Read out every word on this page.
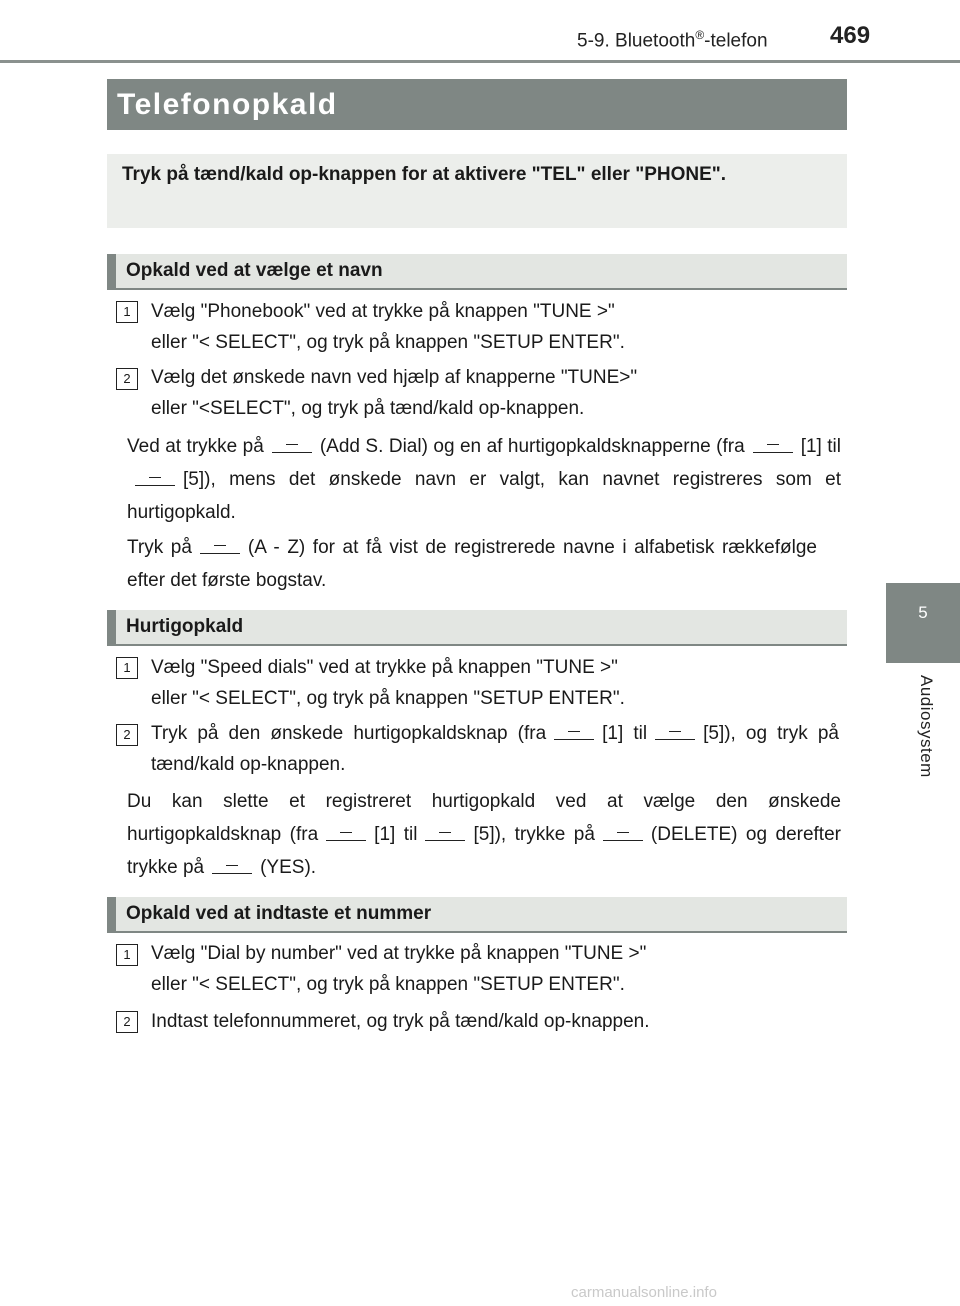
5-9. Bluetooth®-telefon	469
5
Audiosystem
Telefonopkald
Tryk på tænd/kald op-knappen for at aktivere "TEL" eller "PHONE".
Opkald ved at vælge et navn
1	Vælg "Phonebook" ved at trykke på knappen "TUNE >"
eller "< SELECT", og tryk på knappen "SETUP ENTER".
2	Vælg det ønskede navn ved hjælp af knapperne "TUNE>"
eller "<SELECT", og tryk på tænd/kald op-knappen.
Ved at trykke på	(Add S. Dial) og en af hurtigopkaldsknapperne (fra	[1] til[5]), mens det ønskede navn er valgt, kan navnet registreres som et hurtigopkald.
Tryk på	(A - Z) for at få vist de registrerede navne i alfabetisk rækkefølge efter det første bogstav.
Hurtigopkald
1	Vælg "Speed dials" ved at trykke på knappen "TUNE >"
eller "< SELECT", og tryk på knappen "SETUP ENTER".
2	Tryk på den ønskede hurtigopkaldsknap (fra	[1] til	[5]), og tryk på tænd/kald op-knappen.
Du kan slette et registreret hurtigopkald ved at vælge den ønskede hurtigopkaldsknap (fra	[1] til	[5]), trykke på	(DELETE) og derefter trykke på	(YES).
Opkald ved at indtaste et nummer
1	Vælg "Dial by number" ved at trykke på knappen "TUNE >"
eller "< SELECT", og tryk på knappen "SETUP ENTER".
2	Indtast telefonnummeret, og tryk på tænd/kald op-knappen.
carmanualsonline.info
